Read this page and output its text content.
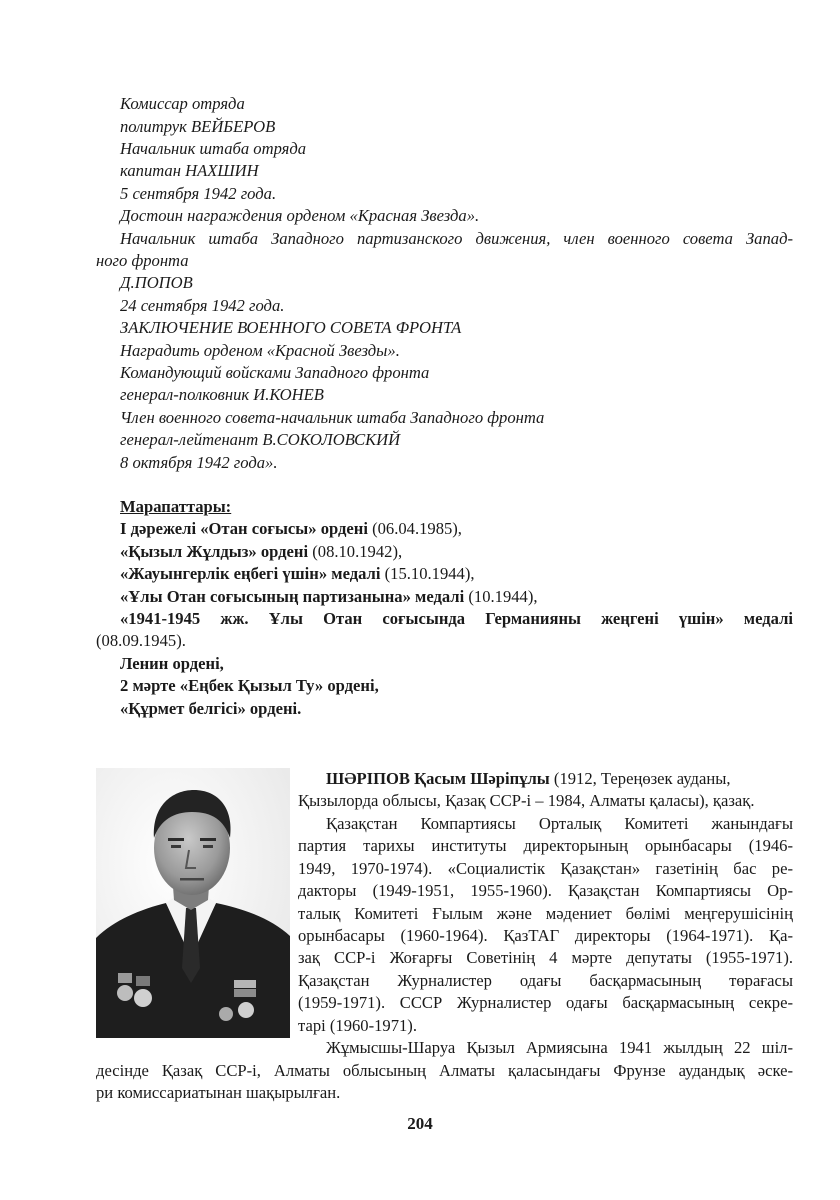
Комиссар отряда
политрук ВЕЙБЕРОВ
Начальник штаба отряда
капитан НАХШИН
5 сентября 1942 года.
Достоин награждения орденом «Красная Звезда».
Начальник штаба Западного партизанского движения, член военного совета Запад-
ного фронта
Д.ПОПОВ
24 сентября 1942 года.
ЗАКЛЮЧЕНИЕ ВОЕННОГО СОВЕТА ФРОНТА
Наградить орденом «Красной Звезды».
Командующий войсками Западного фронта
генерал-полковник И.КОНЕВ
Член военного совета-начальник штаба Западного фронта
генерал-лейтенант В.СОКОЛОВСКИЙ
8 октября 1942 года».
Марапаттары:
І дәрежелі «Отан соғысы» ордені (06.04.1985),
«Қызыл Жұлдыз» ордені (08.10.1942),
«Жауынгерлік еңбегі үшін» медалі (15.10.1944),
«Ұлы Отан соғысының партизанына» медалі (10.1944),
«1941-1945 жж. Ұлы Отан соғысында Германияны жеңгені үшін» медалі
(08.09.1945).
Ленин ордені,
2 мәрте «Еңбек Қызыл Ту» ордені,
«Құрмет белгісі» ордені.
ШӘРІПОВ Қасым Шәріпұлы (1912, Тереңөзек ауданы,
Қызылорда облысы, Қазақ ССР-і – 1984, Алматы қаласы), қазақ.
Қазақстан Компартиясы Орталық Комитеті жанындағы
партия тарихы институты директорының орынбасары (1946-
1949, 1970-1974). «Социалистік Қазақстан» газетінің бас ре-
дакторы (1949-1951, 1955-1960). Қазақстан Компартиясы Ор-
талық Комитеті Ғылым және мәдениет бөлімі меңгерушісінің
орынбасары (1960-1964). ҚазТАГ директоры (1964-1971). Қа-
зақ ССР-і Жоғарғы Советінің 4 мәрте депутаты (1955-1971).
Қазақстан Журналистер одағы басқармасының төрағасы
(1959-1971). СССР Журналистер одағы басқармасының секре-
тарі (1960-1971).
Жұмысшы-Шаруа Қызыл Армиясына 1941 жылдың 22 шіл-
десінде Қазақ ССР-і, Алматы облысының Алматы қаласындағы Фрунзе аудандық әске-
ри комиссариатынан шақырылған.
204
